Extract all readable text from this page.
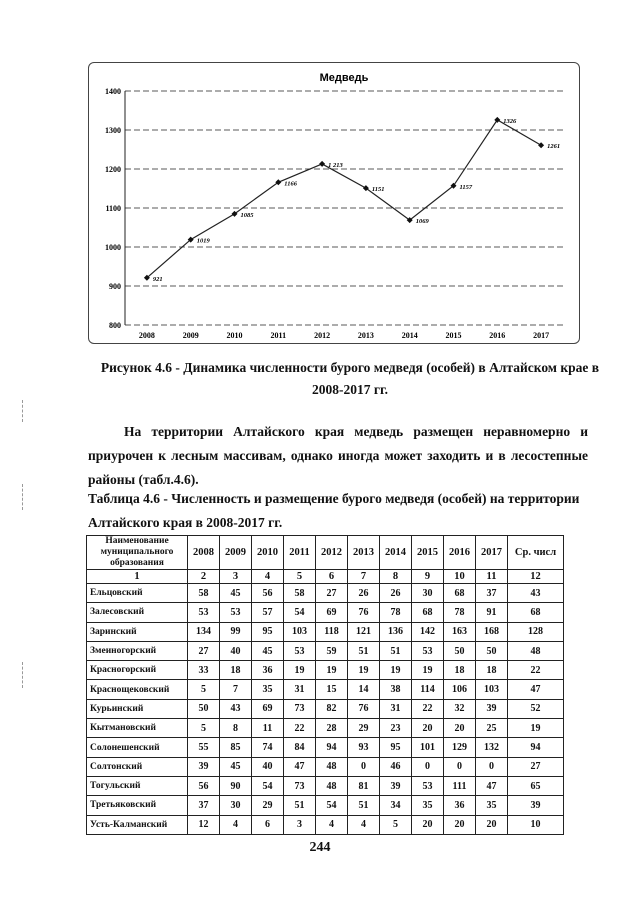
Медведь
800
900
1000
1100
1200
1300
1400
2008	2009	2010	2011	2012	2013	2014	2015	2016	2017
921
1019
1085
1166
1 213
1151
1069
1157
1326
1261
Рисунок 4.6 - Динамика численности бурого медведя (особей) в Алтайском крае в
2008-2017 гг.
На территории Алтайского края медведь размещен неравномерно и приурочен к лесным массивам, однако иногда может заходить и в лесостепные районы (табл.4.6).
Таблица 4.6 - Численность и размещение бурого медведя (особей) на территории Алтайского края в 2008-2017 гг.
Наименование муниципального образования	2008	2009	2010	2011	2012	2013	2014	2015	2016	2017	Ср. числ
1	2	3	4	5	6	7	8	9	10	11	12
Ельцовский	58	45	56	58	27	26	26	30	68	37	43
Залесовский	53	53	57	54	69	76	78	68	78	91	68
Заринский	134	99	95	103	118	121	136	142	163	168	128
Змеиногорский	27	40	45	53	59	51	51	53	50	50	48
Красногорский	33	18	36	19	19	19	19	19	18	18	22
Краснощековский	5	7	35	31	15	14	38	114	106	103	47
Курьинский	50	43	69	73	82	76	31	22	32	39	52
Кытмановский	5	8	11	22	28	29	23	20	20	25	19
Солонешенский	55	85	74	84	94	93	95	101	129	132	94
Солтонский	39	45	40	47	48	0	46	0	0	0	27
Тогульский	56	90	54	73	48	81	39	53	111	47	65
Третьяковский	37	30	29	51	54	51	34	35	36	35	39
Усть-Калманский	12	4	6	3	4	4	5	20	20	20	10
244
